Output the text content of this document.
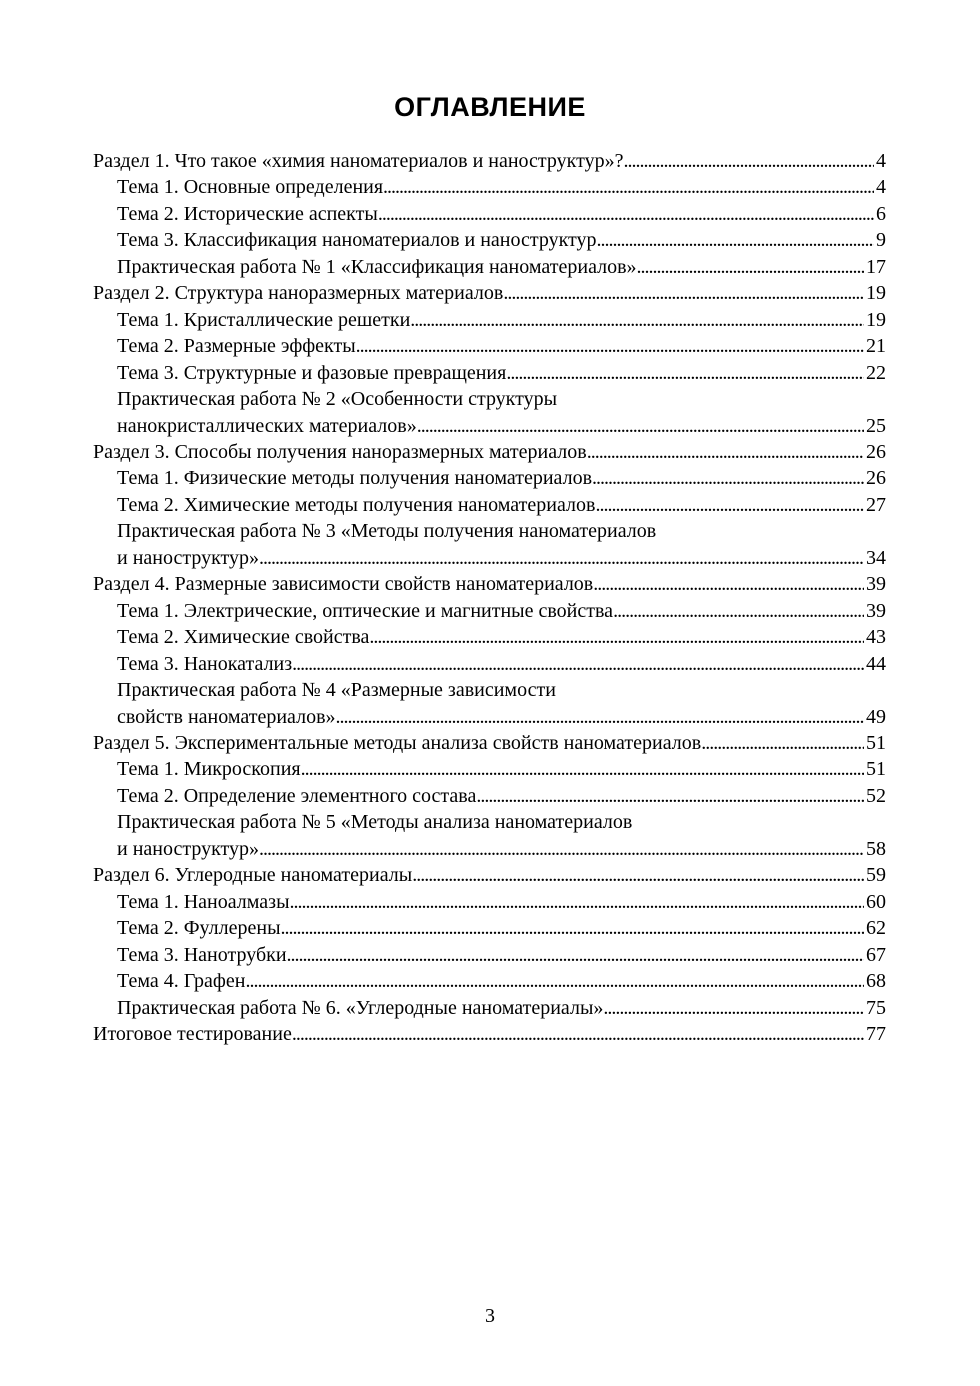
ОГЛАВЛЕНИЕ
Раздел 1. Что такое «химия наноматериалов и наноструктур»? . . .	4
Тема 1. Основные определения . . .	4
Тема 2. Исторические аспекты . . .	6
Тема 3. Классификация наноматериалов и наноструктур . . .	9
Практическая работа № 1 «Классификация наноматериалов» . . .	17
Раздел 2. Структура наноразмерных материалов . . .	19
Тема 1. Кристаллические решетки . . .	19
Тема 2. Размерные эффекты . . .	21
Тема 3. Структурные и фазовые превращения . . .	22
Практическая работа № 2 «Особенности структуры
нанокристаллических материалов» . . .	25
Раздел 3. Способы получения наноразмерных материалов . . .	26
Тема 1. Физические методы получения наноматериалов . . .	26
Тема 2. Химические методы получения наноматериалов . . .	27
Практическая работа № 3 «Методы получения наноматериалов
и наноструктур» . . .	34
Раздел 4. Размерные зависимости свойств наноматериалов . . .	39
Тема 1. Электрические, оптические и магнитные свойства . . .	39
Тема 2. Химические свойства . . .	43
Тема 3. Нанокатализ . . .	44
Практическая работа № 4 «Размерные зависимости
свойств наноматериалов» . . .	49
Раздел 5. Экспериментальные методы анализа свойств наноматериалов . . .	51
Тема 1. Микроскопия . . .	51
Тема 2. Определение элементного состава . . .	52
Практическая работа № 5 «Методы анализа наноматериалов
и наноструктур» . . .	58
Раздел 6. Углеродные наноматериалы . . .	59
Тема 1. Наноалмазы . . .	60
Тема 2. Фуллерены . . .	62
Тема 3. Нанотрубки . . .	67
Тема 4. Графен . . .	68
Практическая работа № 6. «Углеродные наноматериалы» . . .	75
Итоговое тестирование . . .	77
3
